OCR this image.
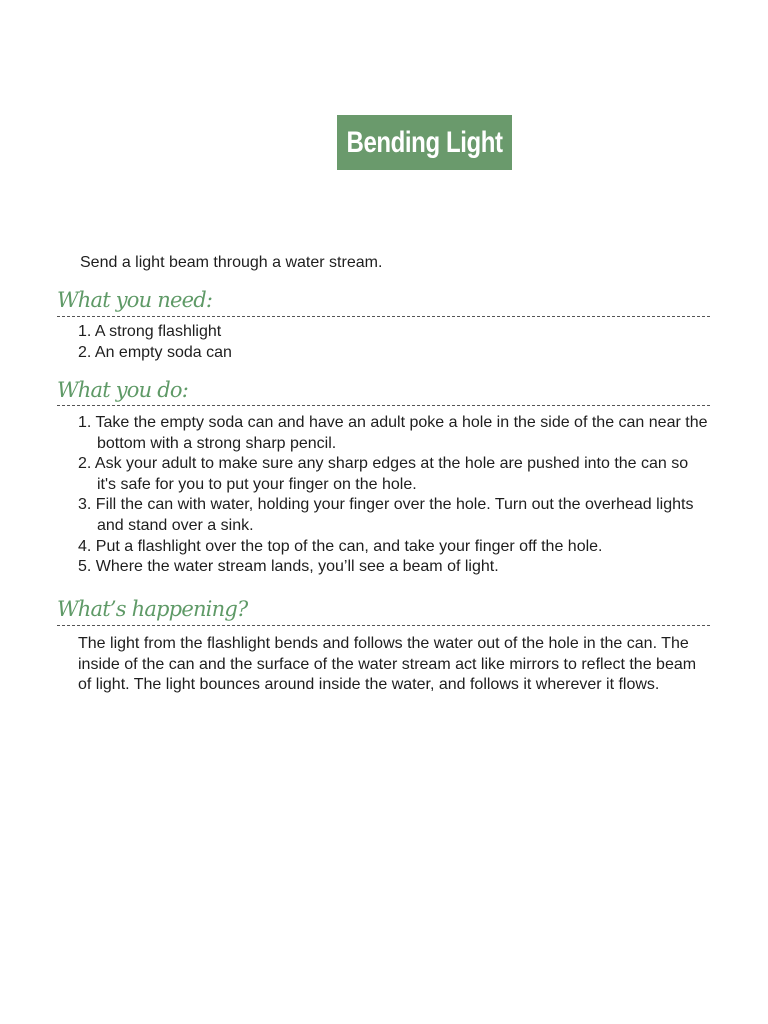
Bending Light
Send a light beam through a water stream.
What you need:
1. A strong flashlight
2. An empty soda can
What you do:
1. Take the empty soda can and have an adult poke a hole in the side of the can near the bottom with a strong sharp pencil.
2. Ask your adult to make sure any sharp edges at the hole are pushed into the can so it's safe for you to put your finger on the hole.
3. Fill the can with water, holding your finger over the hole. Turn out the overhead lights and stand over a sink.
4. Put a flashlight over the top of the can, and take your finger off the hole.
5. Where the water stream lands, you’ll see a beam of light.
What’s happening?

The light from the flashlight bends and follows the water out of the hole in the can. The inside of the can and the surface of the water stream act like mirrors to reflect the beam of light. The light bounces around inside the water, and follows it wherever it flows.
